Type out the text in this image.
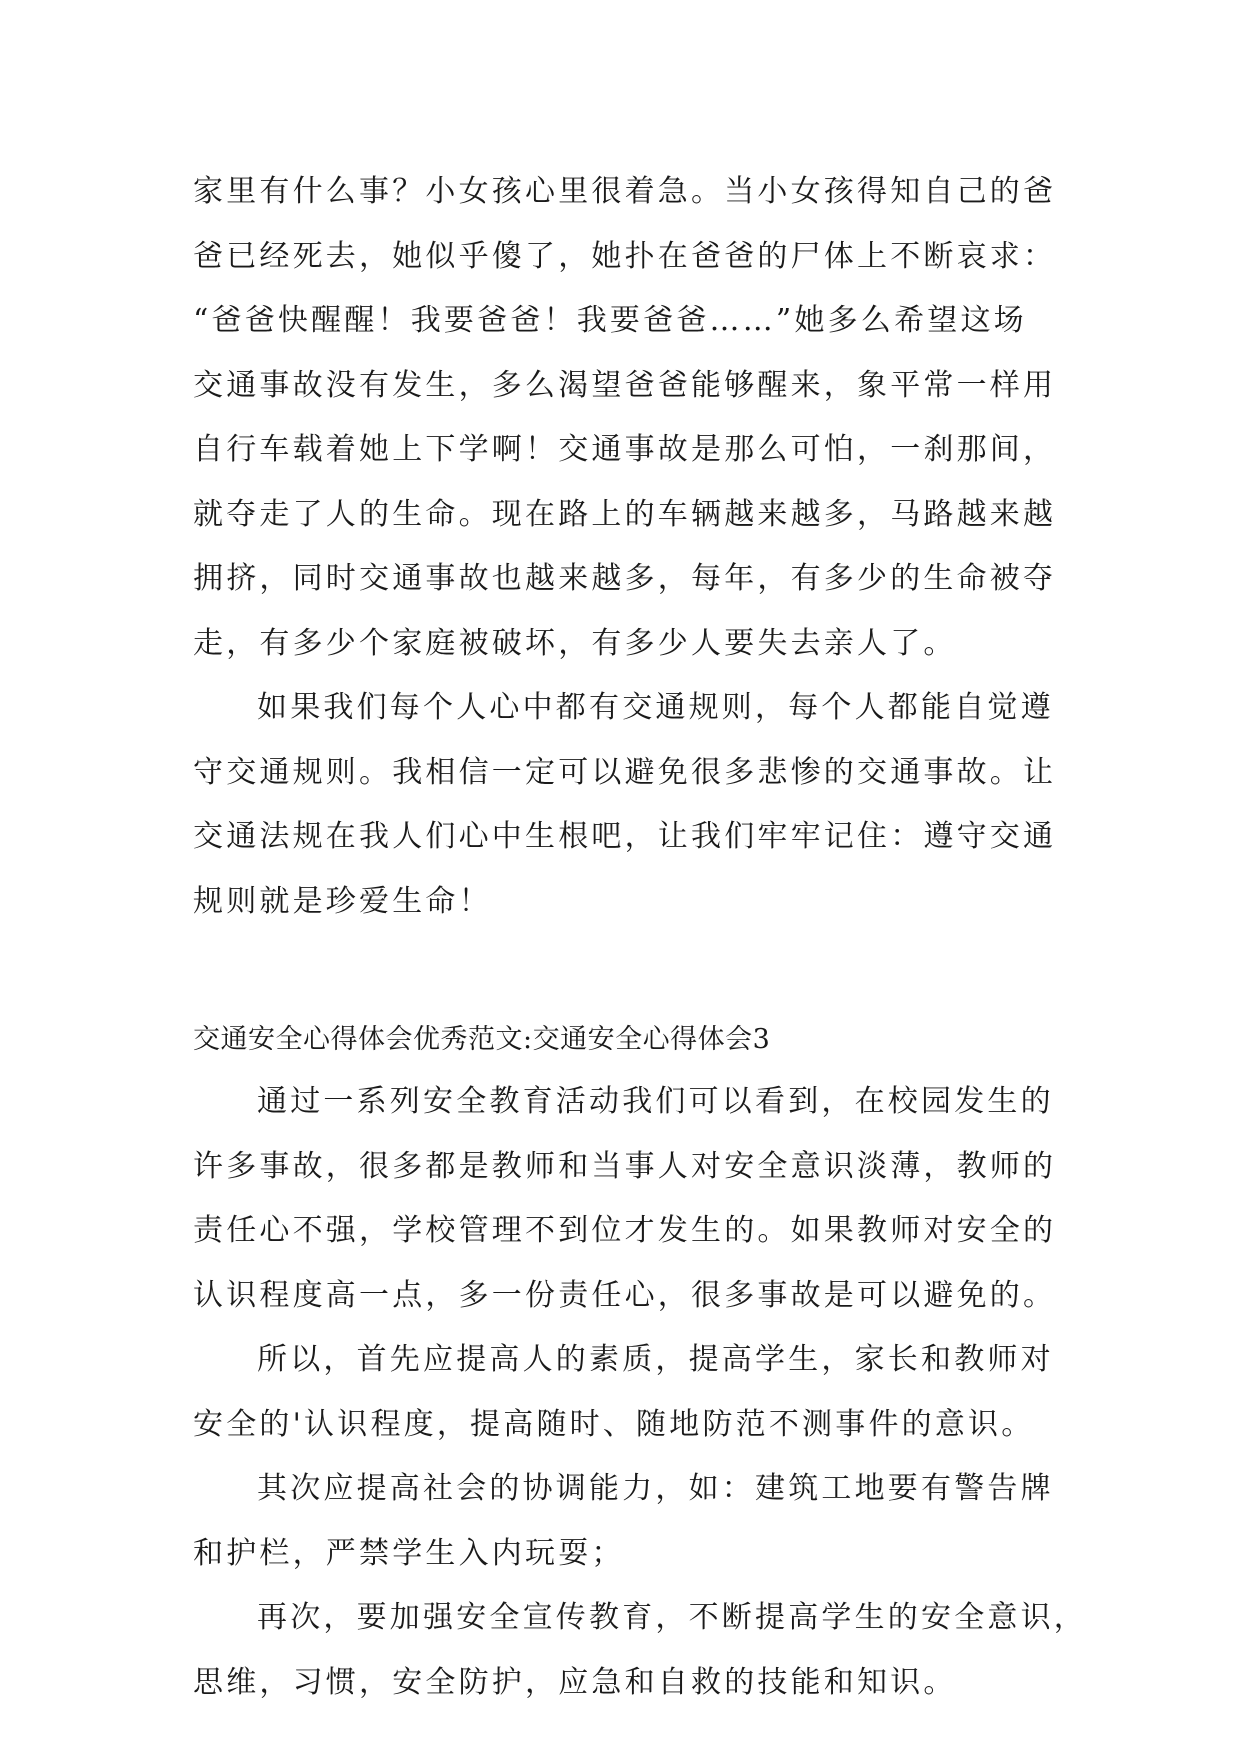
家里有什么事？小女孩心里很着急。当小女孩得知自己的爸
爸已经死去，她似乎傻了，她扑在爸爸的尸体上不断哀求：
“爸爸快醒醒！我要爸爸！我要爸爸……”她多么希望这场
交通事故没有发生，多么渴望爸爸能够醒来，象平常一样用
自行车载着她上下学啊！交通事故是那么可怕，一刹那间，
就夺走了人的生命。现在路上的车辆越来越多，马路越来越
拥挤，同时交通事故也越来越多，每年，有多少的生命被夺
走，有多少个家庭被破坏，有多少人要失去亲人了。
如果我们每个人心中都有交通规则，每个人都能自觉遵
守交通规则。我相信一定可以避免很多悲惨的交通事故。让
交通法规在我人们心中生根吧，让我们牢牢记住：遵守交通
规则就是珍爱生命！
交通安全心得体会优秀范文:交通安全心得体会3
通过一系列安全教育活动我们可以看到，在校园发生的
许多事故，很多都是教师和当事人对安全意识淡薄，教师的
责任心不强，学校管理不到位才发生的。如果教师对安全的
认识程度高一点，多一份责任心，很多事故是可以避免的。
所以，首先应提高人的素质，提高学生，家长和教师对
安全的'认识程度，提高随时、随地防范不测事件的意识。
其次应提高社会的协调能力，如：建筑工地要有警告牌
和护栏，严禁学生入内玩耍；
再次，要加强安全宣传教育，不断提高学生的安全意识，
思维，习惯，安全防护，应急和自救的技能和知识。
